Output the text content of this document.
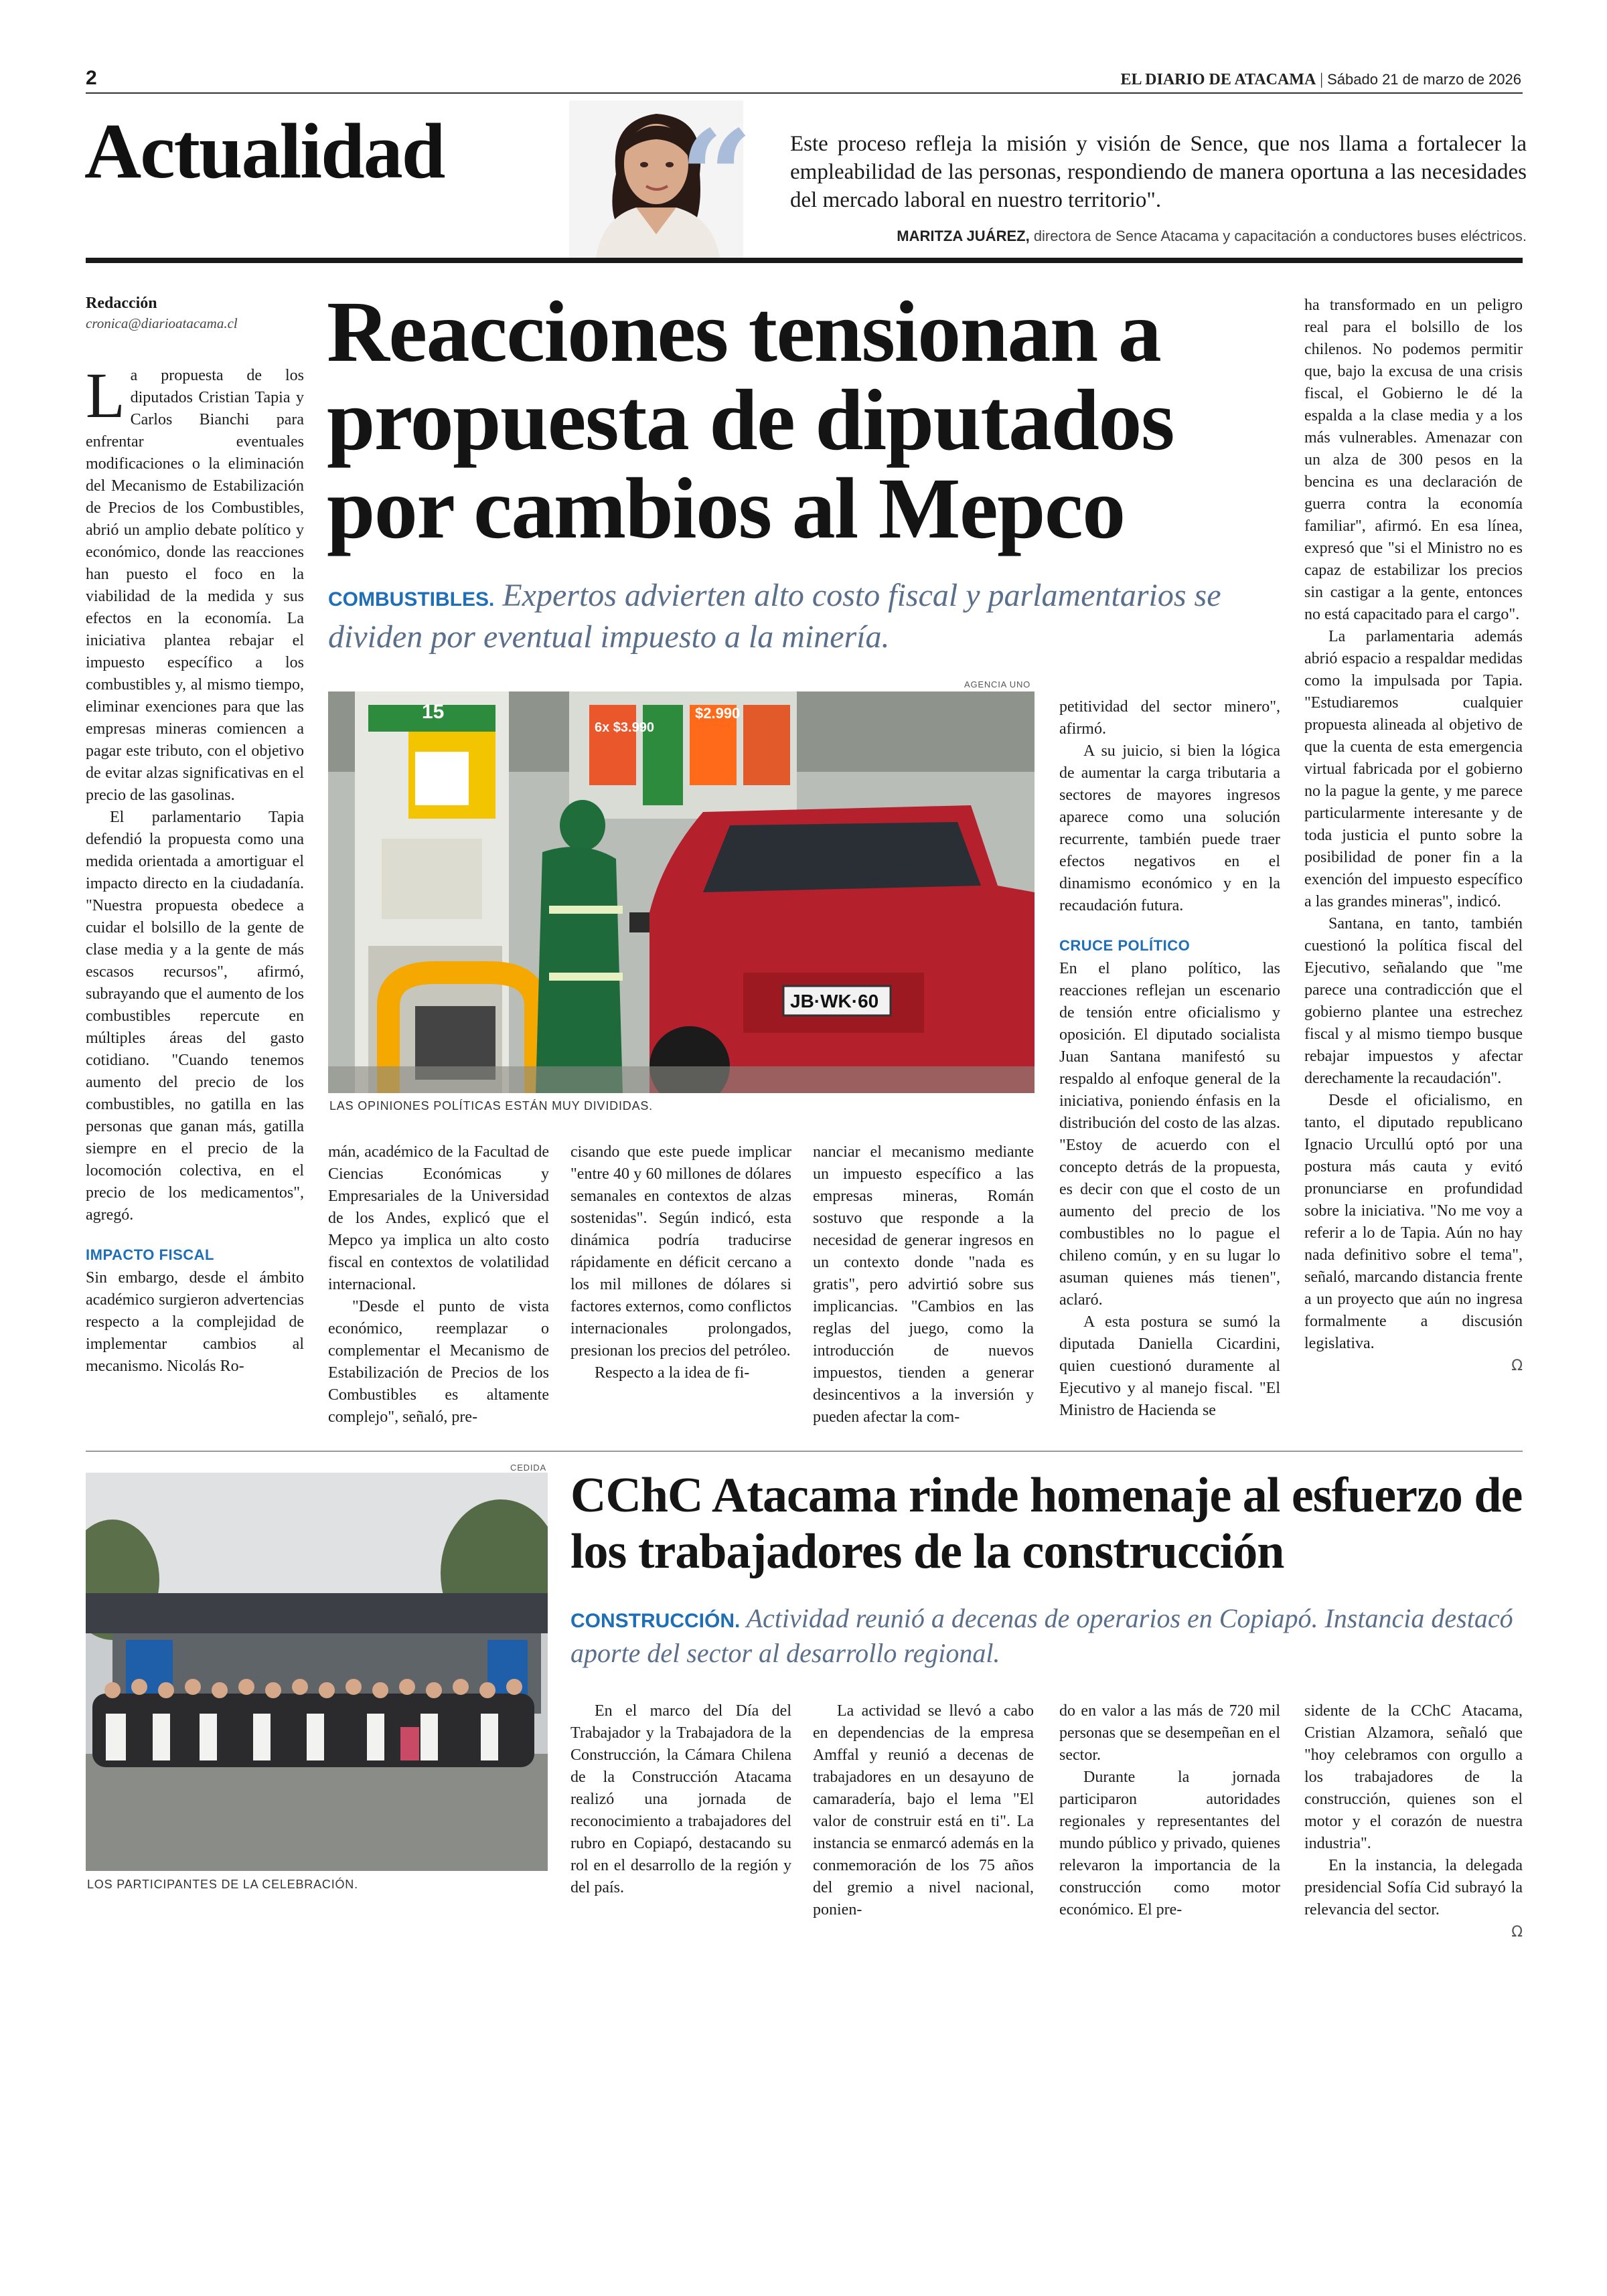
2	EL DIARIO DE ATACAMA | Sábado 21 de marzo de 2026
Actualidad “ Este proceso refleja la misión y visión de Sence, que nos llama a fortalecer la empleabilidad de las personas, respondiendo de manera oportuna a las necesidades del mercado laboral en nuestro territorio".
MARITZA JUÁREZ, directora de Sence Atacama y capacitación a conductores buses eléctricos.
Redacción
cronica@diarioatacama.cl	Reacciones tensionan a propuesta de diputados por cambios al Mepco
COMBUSTIBLES. Expertos advierten alto costo fiscal y parlamentarios se dividen por eventual impuesto a la minería.
AGENCIA UNO
6x $3.990
$2.990
15
JB·WK·60
LAS OPINIONES POLÍTICAS ESTÁN MUY DIVIDIDAS.

La propuesta de los diputados Cristian Tapia y Carlos Bianchi para enfrentar eventuales modificaciones o la eliminación del Mecanismo de Estabilización de Precios de los Combustibles, abrió un amplio debate político y económico, donde las reacciones han puesto el foco en la viabilidad de la medida y sus efectos en la economía. La iniciativa plantea rebajar el impuesto específico a los combustibles y, al mismo tiempo, eliminar exenciones para que las empresas mineras comiencen a pagar este tributo, con el objetivo de evitar alzas significativas en el precio de las gasolinas.

El parlamentario Tapia defendió la propuesta como una medida orientada a amortiguar el impacto directo en la ciudadanía. "Nuestra propuesta obedece a cuidar el bolsillo de la gente de clase media y a la gente de más escasos recursos", afirmó, subrayando que el aumento de los combustibles repercute en múltiples áreas del gasto cotidiano. "Cuando tenemos aumento del precio de los combustibles, no gatilla en las personas que ganan más, gatilla siempre en el precio de la locomoción colectiva, en el precio de los medicamentos", agregó.

IMPACTO FISCAL

Sin embargo, desde el ámbito académico surgieron advertencias respecto a la complejidad de implementar cambios al mecanismo. Nicolás Ro-

mán, académico de la Facultad de Ciencias Económicas y Empresariales de la Universidad de los Andes, explicó que el Mepco ya implica un alto costo fiscal en contextos de volatilidad internacional.

"Desde el punto de vista económico, reemplazar o complementar el Mecanismo de Estabilización de Precios de los Combustibles es altamente complejo", señaló, pre-

cisando que este puede implicar "entre 40 y 60 millones de dólares semanales en contextos de alzas sostenidas". Según indicó, esta dinámica podría traducirse rápidamente en déficit cercano a los mil millones de dólares si factores externos, como conflictos internacionales prolongados, presionan los precios del petróleo.

Respecto a la idea de fi-

nanciar el mecanismo mediante un impuesto específico a las empresas mineras, Román sostuvo que responde a la necesidad de generar ingresos en un contexto donde "nada es gratis", pero advirtió sobre sus implicancias. "Cambios en las reglas del juego, como la introducción de nuevos impuestos, tienden a generar desincentivos a la inversión y pueden afectar la com-

petitividad del sector minero", afirmó.

A su juicio, si bien la lógica de aumentar la carga tributaria a sectores de mayores ingresos aparece como una solución recurrente, también puede traer efectos negativos en el dinamismo económico y en la recaudación futura.

CRUCE POLÍTICO

En el plano político, las reacciones reflejan un escenario de tensión entre oficialismo y oposición. El diputado socialista Juan Santana manifestó su respaldo al enfoque general de la iniciativa, poniendo énfasis en la distribución del costo de las alzas. "Estoy de acuerdo con el concepto detrás de la propuesta, es decir con que el costo de un aumento del precio de los combustibles no lo pague el chileno común, y en su lugar lo asuman quienes más tienen", aclaró.

A esta postura se sumó la diputada Daniella Cicardini, quien cuestionó duramente al Ejecutivo y al manejo fiscal. "El Ministro de Hacienda se

ha transformado en un peligro real para el bolsillo de los chilenos. No podemos permitir que, bajo la excusa de una crisis fiscal, el Gobierno le dé la espalda a la clase media y a los más vulnerables. Amenazar con un alza de 300 pesos en la bencina es una declaración de guerra contra la economía familiar", afirmó. En esa línea, expresó que "si el Ministro no es capaz de estabilizar los precios sin castigar a la gente, entonces no está capacitado para el cargo".

La parlamentaria además abrió espacio a respaldar medidas como la impulsada por Tapia. "Estudiaremos cualquier propuesta alineada al objetivo de que la cuenta de esta emergencia virtual fabricada por el gobierno no la pague la gente, y me parece particularmente interesante y de toda justicia el punto sobre la posibilidad de poner fin a la exención del impuesto específico a las grandes mineras", indicó.

Santana, en tanto, también cuestionó la política fiscal del Ejecutivo, señalando que "me parece una contradicción que el gobierno plantee una estrechez fiscal y al mismo tiempo busque rebajar impuestos y afectar derechamente la recaudación".

Desde el oficialismo, en tanto, el diputado republicano Ignacio Urcullú optó por una postura más cauta y evitó pronunciarse en profundidad sobre la iniciativa. "No me voy a referir a lo de Tapia. Aún no hay nada definitivo sobre el tema", señaló, marcando distancia frente a un proyecto que aún no ingresa formalmente a discusión legislativa.

Ω
CEDIDA
LOS PARTICIPANTES DE LA CELEBRACIÓN.
CChC Atacama rinde homenaje al esfuerzo de los trabajadores de la construcción
CONSTRUCCIÓN. Actividad reunió a decenas de operarios en Copiapó. Instancia destacó aporte del sector al desarrollo regional.

En el marco del Día del Trabajador y la Trabajadora de la Construcción, la Cámara Chilena de la Construcción Atacama realizó una jornada de reconocimiento a trabajadores del rubro en Copiapó, destacando su rol en el desarrollo de la región y del país.

La actividad se llevó a cabo en dependencias de la empresa Amffal y reunió a decenas de trabajadores en un desayuno de camaradería, bajo el lema "El valor de construir está en ti". La instancia se enmarcó además en la conmemoración de los 75 años del gremio a nivel nacional, ponien-

do en valor a las más de 720 mil personas que se desempeñan en el sector.

Durante la jornada participaron autoridades regionales y representantes del mundo público y privado, quienes relevaron la importancia de la construcción como motor económico. El pre-

sidente de la CChC Atacama, Cristian Alzamora, señaló que "hoy celebramos con orgullo a los trabajadores de la construcción, quienes son el motor y el corazón de nuestra industria".

En la instancia, la delegada presidencial Sofía Cid subrayó la relevancia del sector.

Ω
